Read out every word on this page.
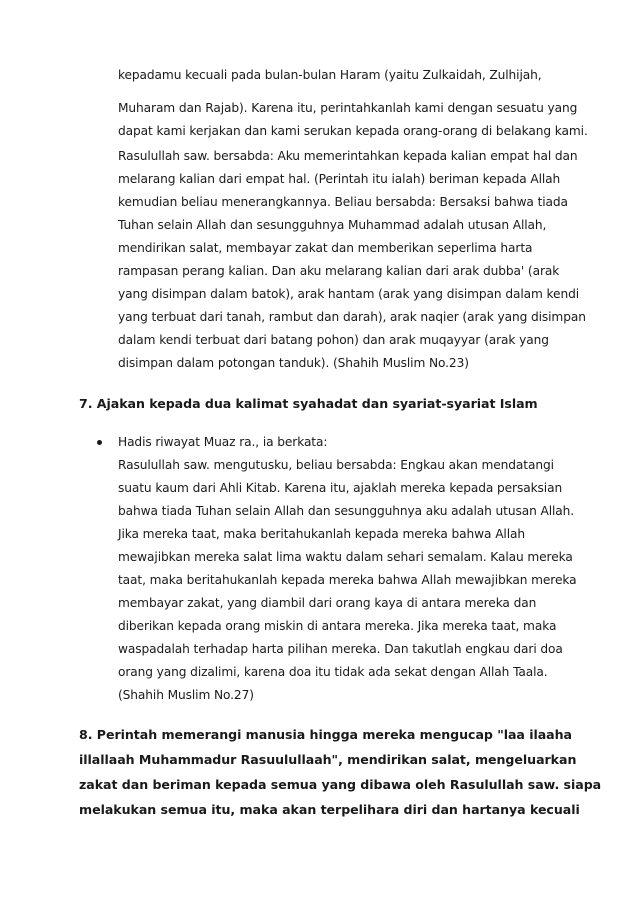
kepadamu kecuali pada bulan-bulan Haram (yaitu Zulkaidah, Zulhijah,
Muharam dan Rajab). Karena itu, perintahkanlah kami dengan sesuatu yang
dapat kami kerjakan dan kami serukan kepada orang-orang di belakang kami.
Rasulullah saw. bersabda: Aku memerintahkan kepada kalian empat hal dan
melarang kalian dari empat hal. (Perintah itu ialah) beriman kepada Allah
kemudian beliau menerangkannya. Beliau bersabda: Bersaksi bahwa tiada
Tuhan selain Allah dan sesungguhnya Muhammad adalah utusan Allah,
mendirikan salat, membayar zakat dan memberikan seperlima harta
rampasan perang kalian. Dan aku melarang kalian dari arak dubba' (arak
yang disimpan dalam batok), arak hantam (arak yang disimpan dalam kendi
yang terbuat dari tanah, rambut dan darah), arak naqier (arak yang disimpan
dalam kendi terbuat dari batang pohon) dan arak muqayyar (arak yang
disimpan dalam potongan tanduk). (Shahih Muslim No.23)
7. Ajakan kepada dua kalimat syahadat dan syariat-syariat Islam
Hadis riwayat Muaz ra., ia berkata:
Rasulullah saw. mengutusku, beliau bersabda: Engkau akan mendatangi
suatu kaum dari Ahli Kitab. Karena itu, ajaklah mereka kepada persaksian
bahwa tiada Tuhan selain Allah dan sesungguhnya aku adalah utusan Allah.
Jika mereka taat, maka beritahukanlah kepada mereka bahwa Allah
mewajibkan mereka salat lima waktu dalam sehari semalam. Kalau mereka
taat, maka beritahukanlah kepada mereka bahwa Allah mewajibkan mereka
membayar zakat, yang diambil dari orang kaya di antara mereka dan
diberikan kepada orang miskin di antara mereka. Jika mereka taat, maka
waspadalah terhadap harta pilihan mereka. Dan takutlah engkau dari doa
orang yang dizalimi, karena doa itu tidak ada sekat dengan Allah Taala.
(Shahih Muslim No.27)
8. Perintah memerangi manusia hingga mereka mengucap "laa ilaaha
illallaah Muhammadur Rasuulullaah", mendirikan salat, mengeluarkan
zakat dan beriman kepada semua yang dibawa oleh Rasulullah saw. siapa
melakukan semua itu, maka akan terpelihara diri dan hartanya kecuali
